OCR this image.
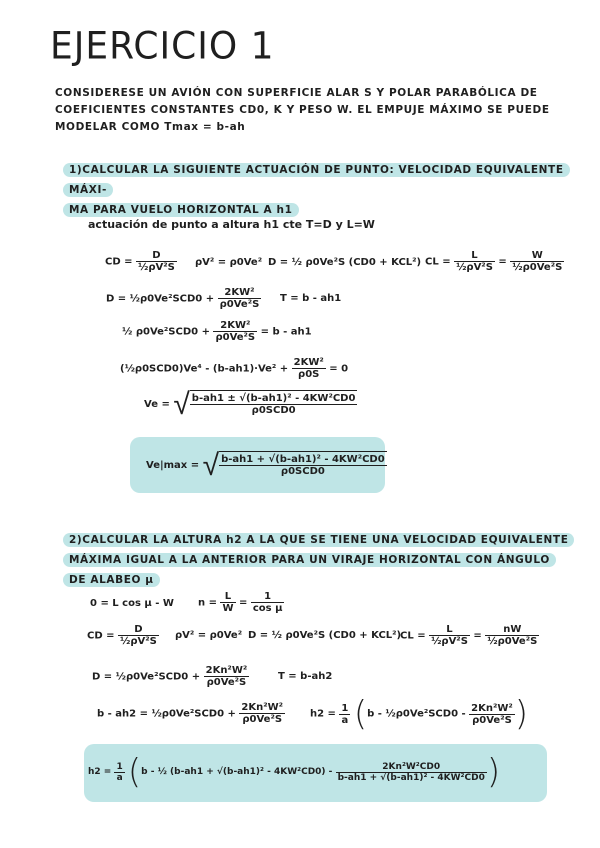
EJERCICIO 1
CONSIDERESE UN AVIÓN CON SUPERFICIE ALAR S Y POLAR PARABÓLICA DE COEFICIENTES CONSTANTES CD0, K Y PESO W. EL EMPUJE MÁXIMO SE PUEDE MODELAR COMO Tmax = b-ah
1)CALCULAR LA SIGUIENTE ACTUACIÓN DE PUNTO: VELOCIDAD EQUIVALENTE MÁXI-
MA PARA VUELO HORIZONTAL A h1
actuación de punto a altura h1 cte T=D y L=W
CD = $\frac{D}{\text{½ρV²S}} \rho V^2 = \rho 0Ve^2$ D = ½ ρ0Ve²S (CD0 + KCL²) CL = $\frac{L}{\text{½ρV²S}} = \frac{W}{\text{½ρ0Ve²S}}$
D = ½ρ0Ve²SCD0 + $\frac{\text{2KW²}}{\text{ρ0Ve²S}}$ T = b - ah1
½ $\rho 0Ve^2SCD0 + \frac{\text{2KW²}}{\text{ρ0Ve²S}} = b - ah1$
(½ρ0SCD0)Ve⁴ - $(b-ah1)\cdot Ve^2 + \frac{\text{2KW²}}{\rho 0S} = 0$
Ve = √ $\frac{\text{b-ah1 ± √(b-ah1)² - 4KW²CD0}}{\text{ρ0SCD0}}$
Ve|max = √ $\frac{\text{b-ah1 + √(b-ah1)² - 4KW²CD0}}{\text{ρ0SCD0}}$
2)CALCULAR LA ALTURA h2 A LA QUE SE TIENE UNA VELOCIDAD EQUIVALENTE
MÁXIMA IGUAL A LA ANTERIOR PARA UN VIRAJE HORIZONTAL CON ÁNGULO
DE ALABEO μ
0 = L cos μ - W $n = \frac{L}{W} = \frac{1}{\text{cos μ}}$
CD = $\frac{D}{\text{½ρV²S}} \rho V^2 = \rho 0Ve^2$ D = ½ ρ0Ve²S (CD0 + KCL²)
CL = $\frac{L}{\text{½ρV²S}} = \frac{nW}{\text{½ρ0Ve²S}}$
D = ½ρ0Ve²SCD0 + $\frac{\text{2Kn²W²}}{\text{ρ0Ve²S}}$	T = b-ah2
b - ah2 = ½ρ0Ve²SCD0 + $\frac{\text{2Kn²W²}}{\text{ρ0Ve²S}} h2 = \frac{1}{a} (b$ - ½ρ0Ve²SCD0 - $\frac{\text{2Kn²W²}}{\text{ρ0Ve²S}}$ )
$h2 = \frac{1}{a} (b$ - ½ $(b-ah1 + √(b-ah1)^2 - 4KW^2CD0) - \frac{\text{2Kn²W²CD0}}{\text{b-ah1 + √(b-ah1)² - 4KW²CD0}}$ )
